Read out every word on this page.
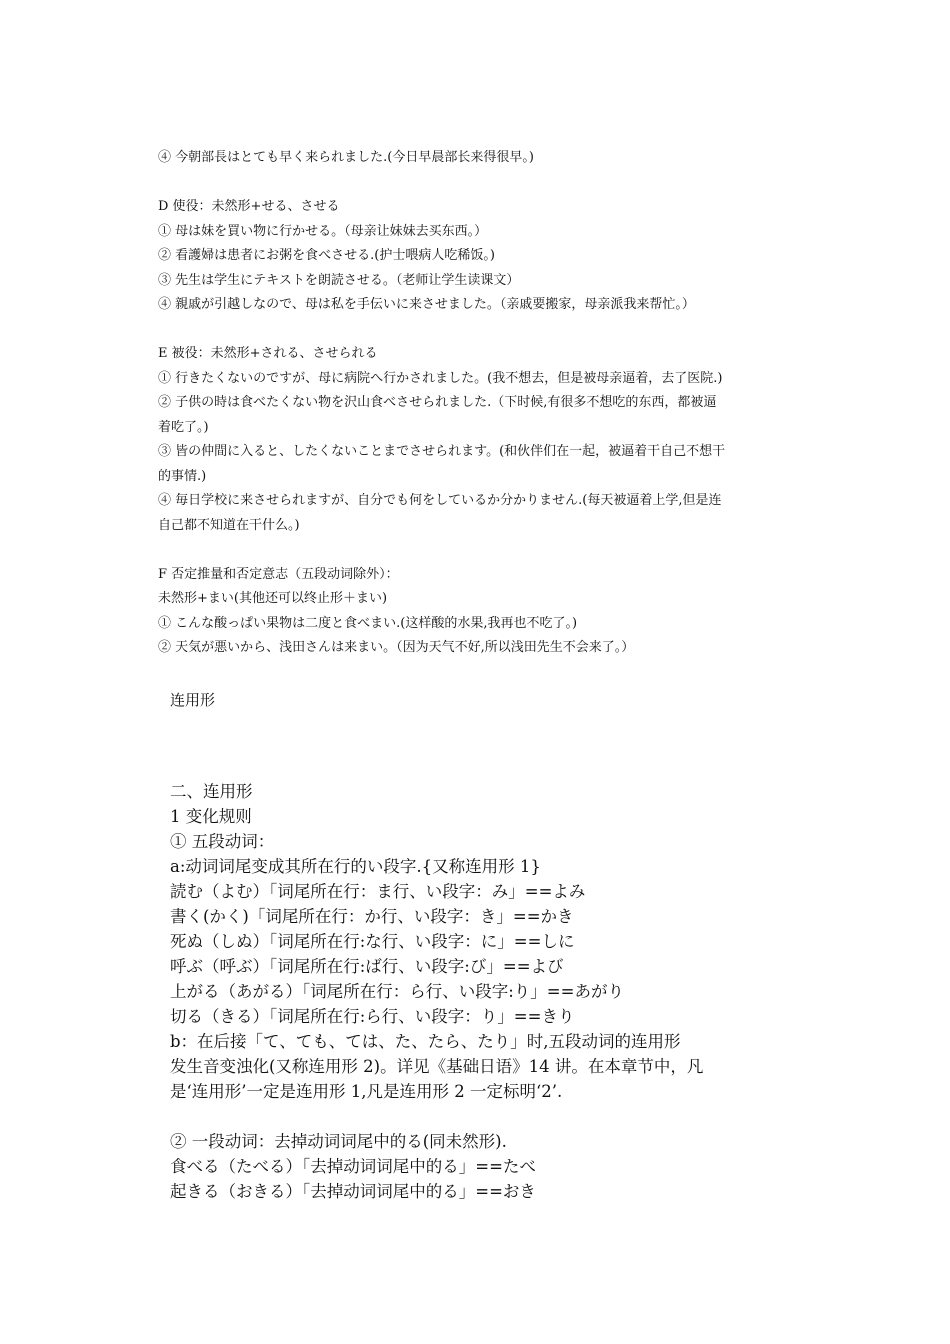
④ 今朝部長はとても早く来られました.(今日早晨部长来得很早。)
D 使役：未然形+せる、させる
① 母は妹を買い物に行かせる。（母亲让妹妹去买东西。）
② 看護婦は患者にお粥を食べさせる.(护士喂病人吃稀饭。)
③ 先生は学生にテキストを朗読させる。（老师让学生读课文）
④ 親戚が引越しなので、母は私を手伝いに来させました。（亲戚要搬家，母亲派我来帮忙。）
E 被役：未然形+される、させられる
① 行きたくないのですが、母に病院へ行かされました。(我不想去，但是被母亲逼着，去了医院.)
② 子供の時は食べたくない物を沢山食べさせられました.（下时候,有很多不想吃的东西，都被逼
着吃了。)
③ 皆の仲間に入ると、したくないことまでさせられます。(和伙伴们在一起，被逼着干自己不想干
的事情.)
④ 毎日学校に来させられますが、自分でも何をしているか分かりません.(每天被逼着上学,但是连
自己都不知道在干什么。)
F 否定推量和否定意志（五段动词除外）：
未然形+まい(其他还可以终止形＋まい)
① こんな酸っぱい果物は二度と食べまい.(这样酸的水果,我再也不吃了。)
② 天気が悪いから、浅田さんは来まい。（因为天气不好,所以浅田先生不会来了。）
连用形
二、连用形
1 变化规则
① 五段动词：
a:动词词尾变成其所在行的い段字.{又称连用形 1}
読む（よむ）「词尾所在行：ま行、い段字：み」==よみ
書く(かく)「词尾所在行：か行、い段字：き」==かき
死ぬ（しぬ）「词尾所在行:な行、い段字：に」==しに
呼ぶ（呼ぶ）「词尾所在行:ば行、い段字:び」==よび
上がる（あがる）「词尾所在行：ら行、い段字:り」==あがり
切る（きる）「词尾所在行:ら行、い段字：り」==きり
b：在后接「て、ても、ては、た、たら、たり」时,五段动词的连用形
发生音变浊化(又称连用形 2)。详见《基础日语》14 讲。在本章节中，凡
是‘连用形’一定是连用形 1,凡是连用形 2 一定标明‘2’.
② 一段动词：去掉动词词尾中的る(同未然形).
食べる（たべる）「去掉动词词尾中的る」==たべ
起きる（おきる）「去掉动词词尾中的る」==おき
